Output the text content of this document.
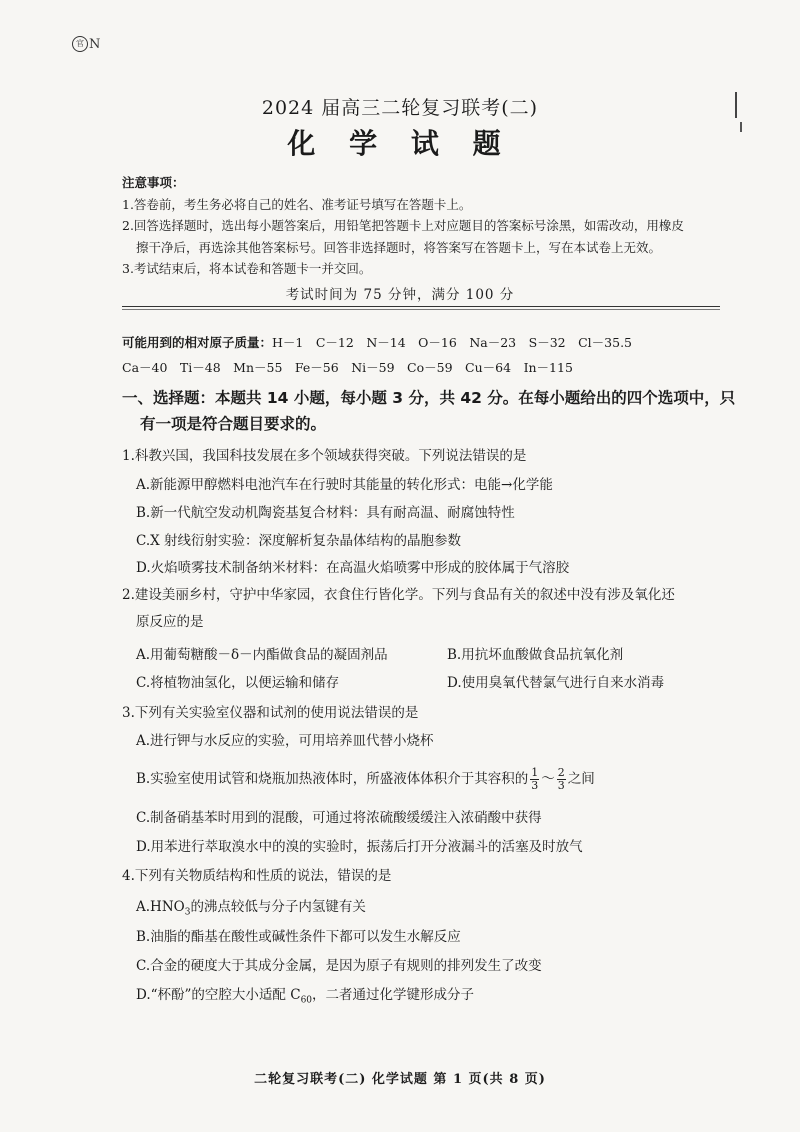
官 N
2024 届高三二轮复习联考(二)
化 学 试 题
注意事项：
1.答卷前，考生务必将自己的姓名、准考证号填写在答题卡上。
2.回答选择题时，选出每小题答案后，用铅笔把答题卡上对应题目的答案标号涂黑，如需改动，用橡皮
擦干净后，再选涂其他答案标号。回答非选择题时，将答案写在答题卡上，写在本试卷上无效。
3.考试结束后，将本试卷和答题卡一并交回。
考试时间为 75 分钟，满分 100 分
可能用到的相对原子质量：H－1　C－12　N－14　O－16　Na－23　S－32　Cl－35.5
Ca－40　Ti－48　Mn－55　Fe－56　Ni－59　Co－59　Cu－64　In－115
一、选择题：本题共 14 小题，每小题 3 分，共 42 分。在每小题给出的四个选项中，只
有一项是符合题目要求的。
1.科教兴国，我国科技发展在多个领域获得突破。下列说法错误的是
A.新能源甲醇燃料电池汽车在行驶时其能量的转化形式：电能→化学能
B.新一代航空发动机陶瓷基复合材料：具有耐高温、耐腐蚀特性
C.X 射线衍射实验：深度解析复杂晶体结构的晶胞参数
D.火焰喷雾技术制备纳米材料：在高温火焰喷雾中形成的胶体属于气溶胶
2.建设美丽乡村，守护中华家园，衣食住行皆化学。下列与食品有关的叙述中没有涉及氧化还
原反应的是
A.用葡萄糖酸－δ－内酯做食品的凝固剂品	B.用抗坏血酸做食品抗氧化剂
C.将植物油氢化，以便运输和储存	D.使用臭氧代替氯气进行自来水消毒
3.下列有关实验室仪器和试剂的使用说法错误的是
A.进行钾与水反应的实验，可用培养皿代替小烧杯
B.实验室使用试管和烧瓶加热液体时，所盛液体体积介于其容积的 $\frac{1}{3}$ ～ $\frac{2}{3}$ 之间
C.制备硝基苯时用到的混酸，可通过将浓硫酸缓缓注入浓硝酸中获得
D.用苯进行萃取溴水中的溴的实验时，振荡后打开分液漏斗的活塞及时放气
4.下列有关物质结构和性质的说法，错误的是
$A.HNO_3$的沸点较低与分子内氢键有关
B.油脂的酯基在酸性或碱性条件下都可以发生水解反应
C.合金的硬度大于其成分金属，是因为原子有规则的排列发生了改变
D.“杯酚”的空腔大小适配 $C_{60}$，二者通过化学键形成分子
二轮复习联考(二) 化学试题 第 1 页(共 8 页)
